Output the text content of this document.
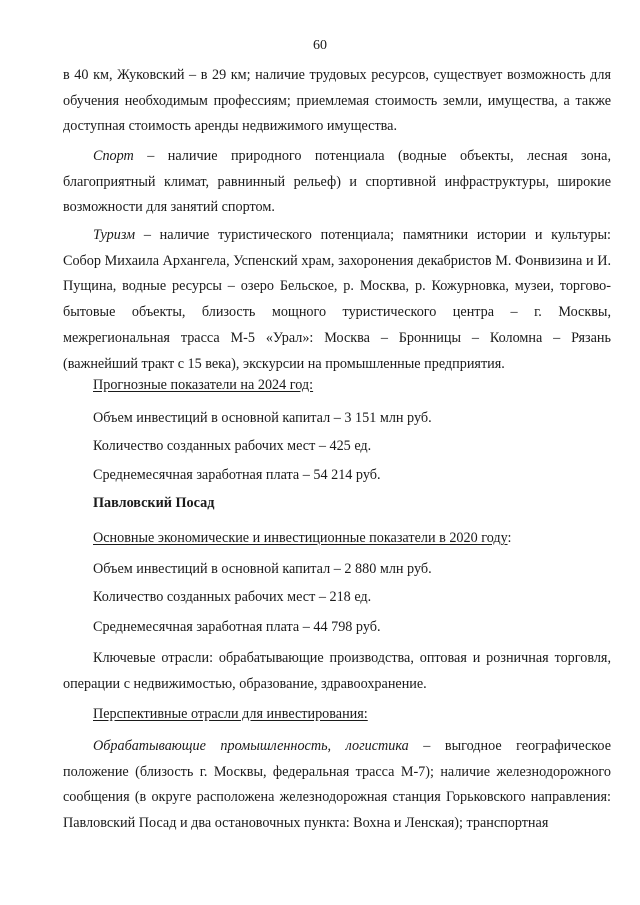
60

в 40 км, Жуковский – в 29 км; наличие трудовых ресурсов, существует возможность для обучения необходимым профессиям; приемлемая стоимость земли, имущества, а также доступная стоимость аренды недвижимого имущества.

Спорт – наличие природного потенциала (водные объекты, лесная зона, благоприятный климат, равнинный рельеф) и спортивной инфраструктуры, широкие возможности для занятий спортом.

Туризм – наличие туристического потенциала; памятники истории и культуры: Собор Михаила Архангела, Успенский храм, захоронения декабристов М. Фонвизина и И. Пущина, водные ресурсы – озеро Бельское, р. Москва, р. Кожурновка, музеи, торгово-бытовые объекты, близость мощного туристического центра – г. Москвы, межрегиональная трасса М-5 «Урал»: Москва – Бронницы – Коломна – Рязань (важнейший тракт с 15 века), экскурсии на промышленные предприятия.

Прогнозные показатели на 2024 год:
Объем инвестиций в основной капитал – 3 151 млн руб.
Количество созданных рабочих мест – 425 ед.
Среднемесячная заработная плата – 54 214 руб.
Павловский Посад
Основные экономические и инвестиционные показатели в 2020 году:
Объем инвестиций в основной капитал – 2 880 млн руб.
Количество созданных рабочих мест – 218 ед.
Среднемесячная заработная плата – 44 798 руб.

Ключевые отрасли: обрабатывающие производства, оптовая и розничная торговля, операции с недвижимостью, образование, здравоохранение.

Перспективные отрасли для инвестирования:

Обрабатывающие промышленность, логистика – выгодное географическое положение (близость г. Москвы, федеральная трасса М-7); наличие железнодорожного сообщения (в округе расположена железнодорожная станция Горьковского направления: Павловский Посад и два остановочных пункта: Вохна и Ленская); транспортная
